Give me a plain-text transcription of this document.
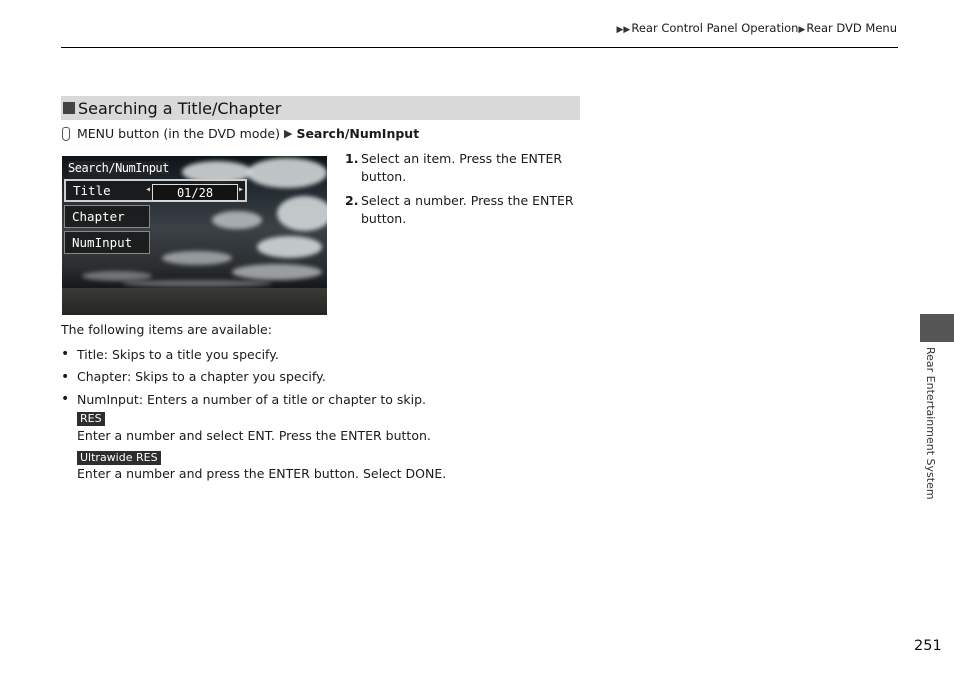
▶▶Rear Control Panel Operation▶Rear DVD Menu
Searching a Title/Chapter
MENU button (in the DVD mode) ▶ Search/NumInput
Search/NumInput
Title	◂	01/28	▸
Chapter
NumInput
1. Select an item. Press the ENTER button.
2. Select a number. Press the ENTER button.
The following items are available:
• Title : Skips to a title you specify.
• Chapter : Skips to a chapter you specify.
• NumInput : Enters a number of a title or chapter to skip.
RES
Enter a number and select ENT. Press the ENTER button.
Ultrawide RES
Enter a number and press the ENTER button. Select DONE.	Rear Entertainment System
251
